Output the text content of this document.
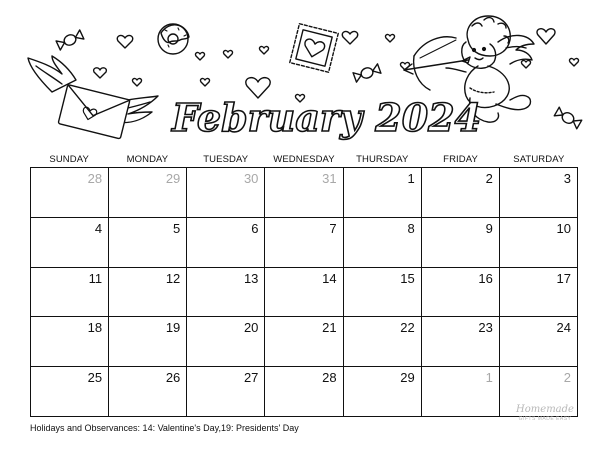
February 2024
SUNDAY	MONDAY	TUESDAY	WEDNESDAY	THURSDAY	FRIDAY	SATURDAY
28	29	30	31	1	2	3
4	5	6	7	8	9	10
11	12	13	14	15	16	17
18	19	20	21	22	23	24
25	26	27	28	29	1	2
Homemade
GIFTS MADE EASY
Holidays and Observances: 14: Valentine's Day,19: Presidents' Day
